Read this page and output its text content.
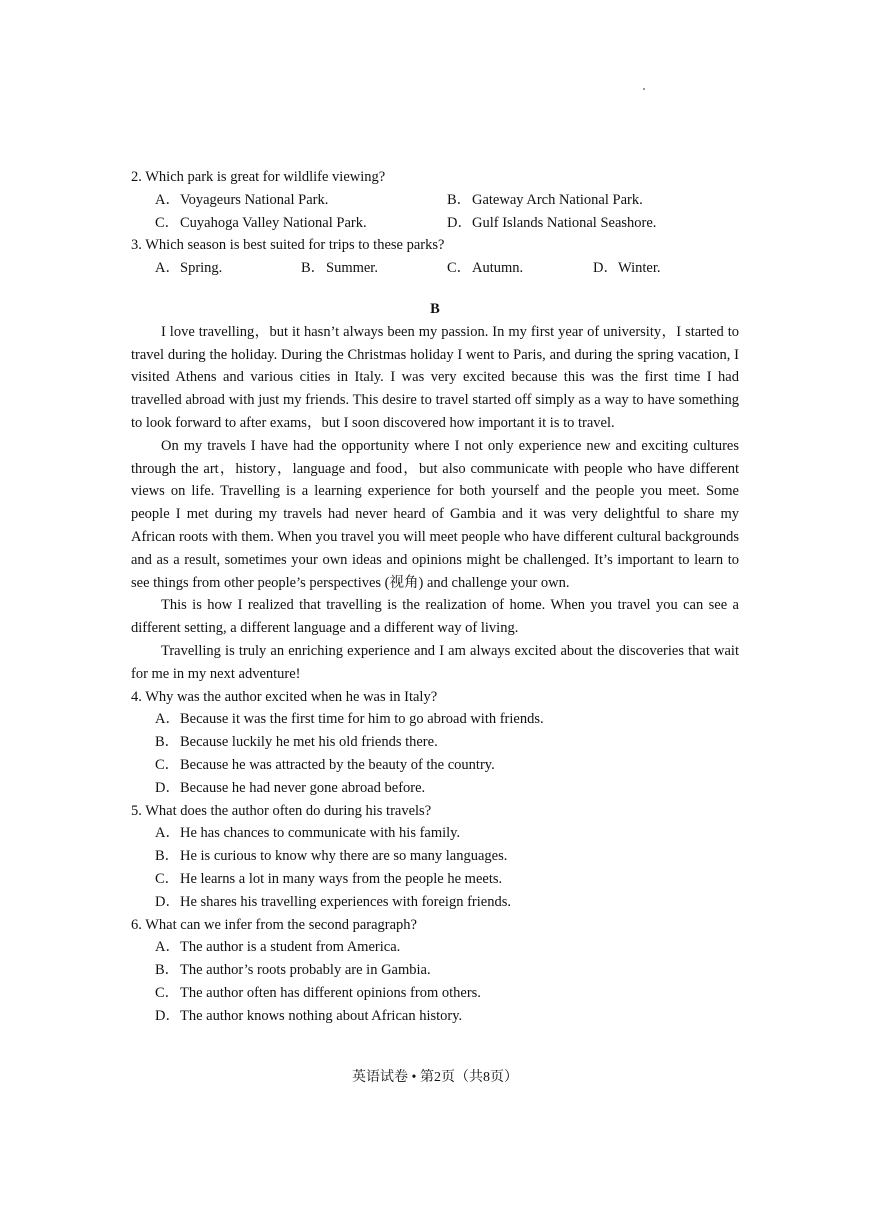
2. Which park is great for wildlife viewing?
A．Voyageurs National Park.	B．Gateway Arch National Park.
C．Cuyahoga Valley National Park.	D．Gulf Islands National Seashore.
3. Which season is best suited for trips to these parks?
A．Spring.	B．Summer.	C．Autumn.	D．Winter.
B

I love travelling，but it hasn’t always been my passion. In my first year of university，I started to travel during the holiday. During the Christmas holiday I went to Paris, and during the spring vacation, I visited Athens and various cities in Italy. I was very excited because this was the first time I had travelled abroad with just my friends. This desire to travel started off simply as a way to have something to look forward to after exams，but I soon discovered how important it is to travel.

On my travels I have had the opportunity where I not only experience new and exciting cultures through the art，history，language and food，but also communicate with people who have different views on life. Travelling is a learning experience for both yourself and the people you meet. Some people I met during my travels had never heard of Gambia and it was very delightful to share my African roots with them. When you travel you will meet people who have different cultural backgrounds and as a result, sometimes your own ideas and opinions might be challenged. It’s important to learn to see things from other people’s perspectives (视角) and challenge your own.

This is how I realized that travelling is the realization of home. When you travel you can see a different setting, a different language and a different way of living.

Travelling is truly an enriching experience and I am always excited about the discoveries that wait for me in my next adventure!

4. Why was the author excited when he was in Italy?
A．Because it was the first time for him to go abroad with friends.
B．Because luckily he met his old friends there.
C．Because he was attracted by the beauty of the country.
D．Because he had never gone abroad before.
5. What does the author often do during his travels?
A．He has chances to communicate with his family.
B．He is curious to know why there are so many languages.
C．He learns a lot in many ways from the people he meets.
D．He shares his travelling experiences with foreign friends.
6. What can we infer from the second paragraph?
A．The author is a student from America.
B．The author’s roots probably are in Gambia.
C．The author often has different opinions from others.
D．The author knows nothing about African history.
英语试卷 • 第2页（共8页）
